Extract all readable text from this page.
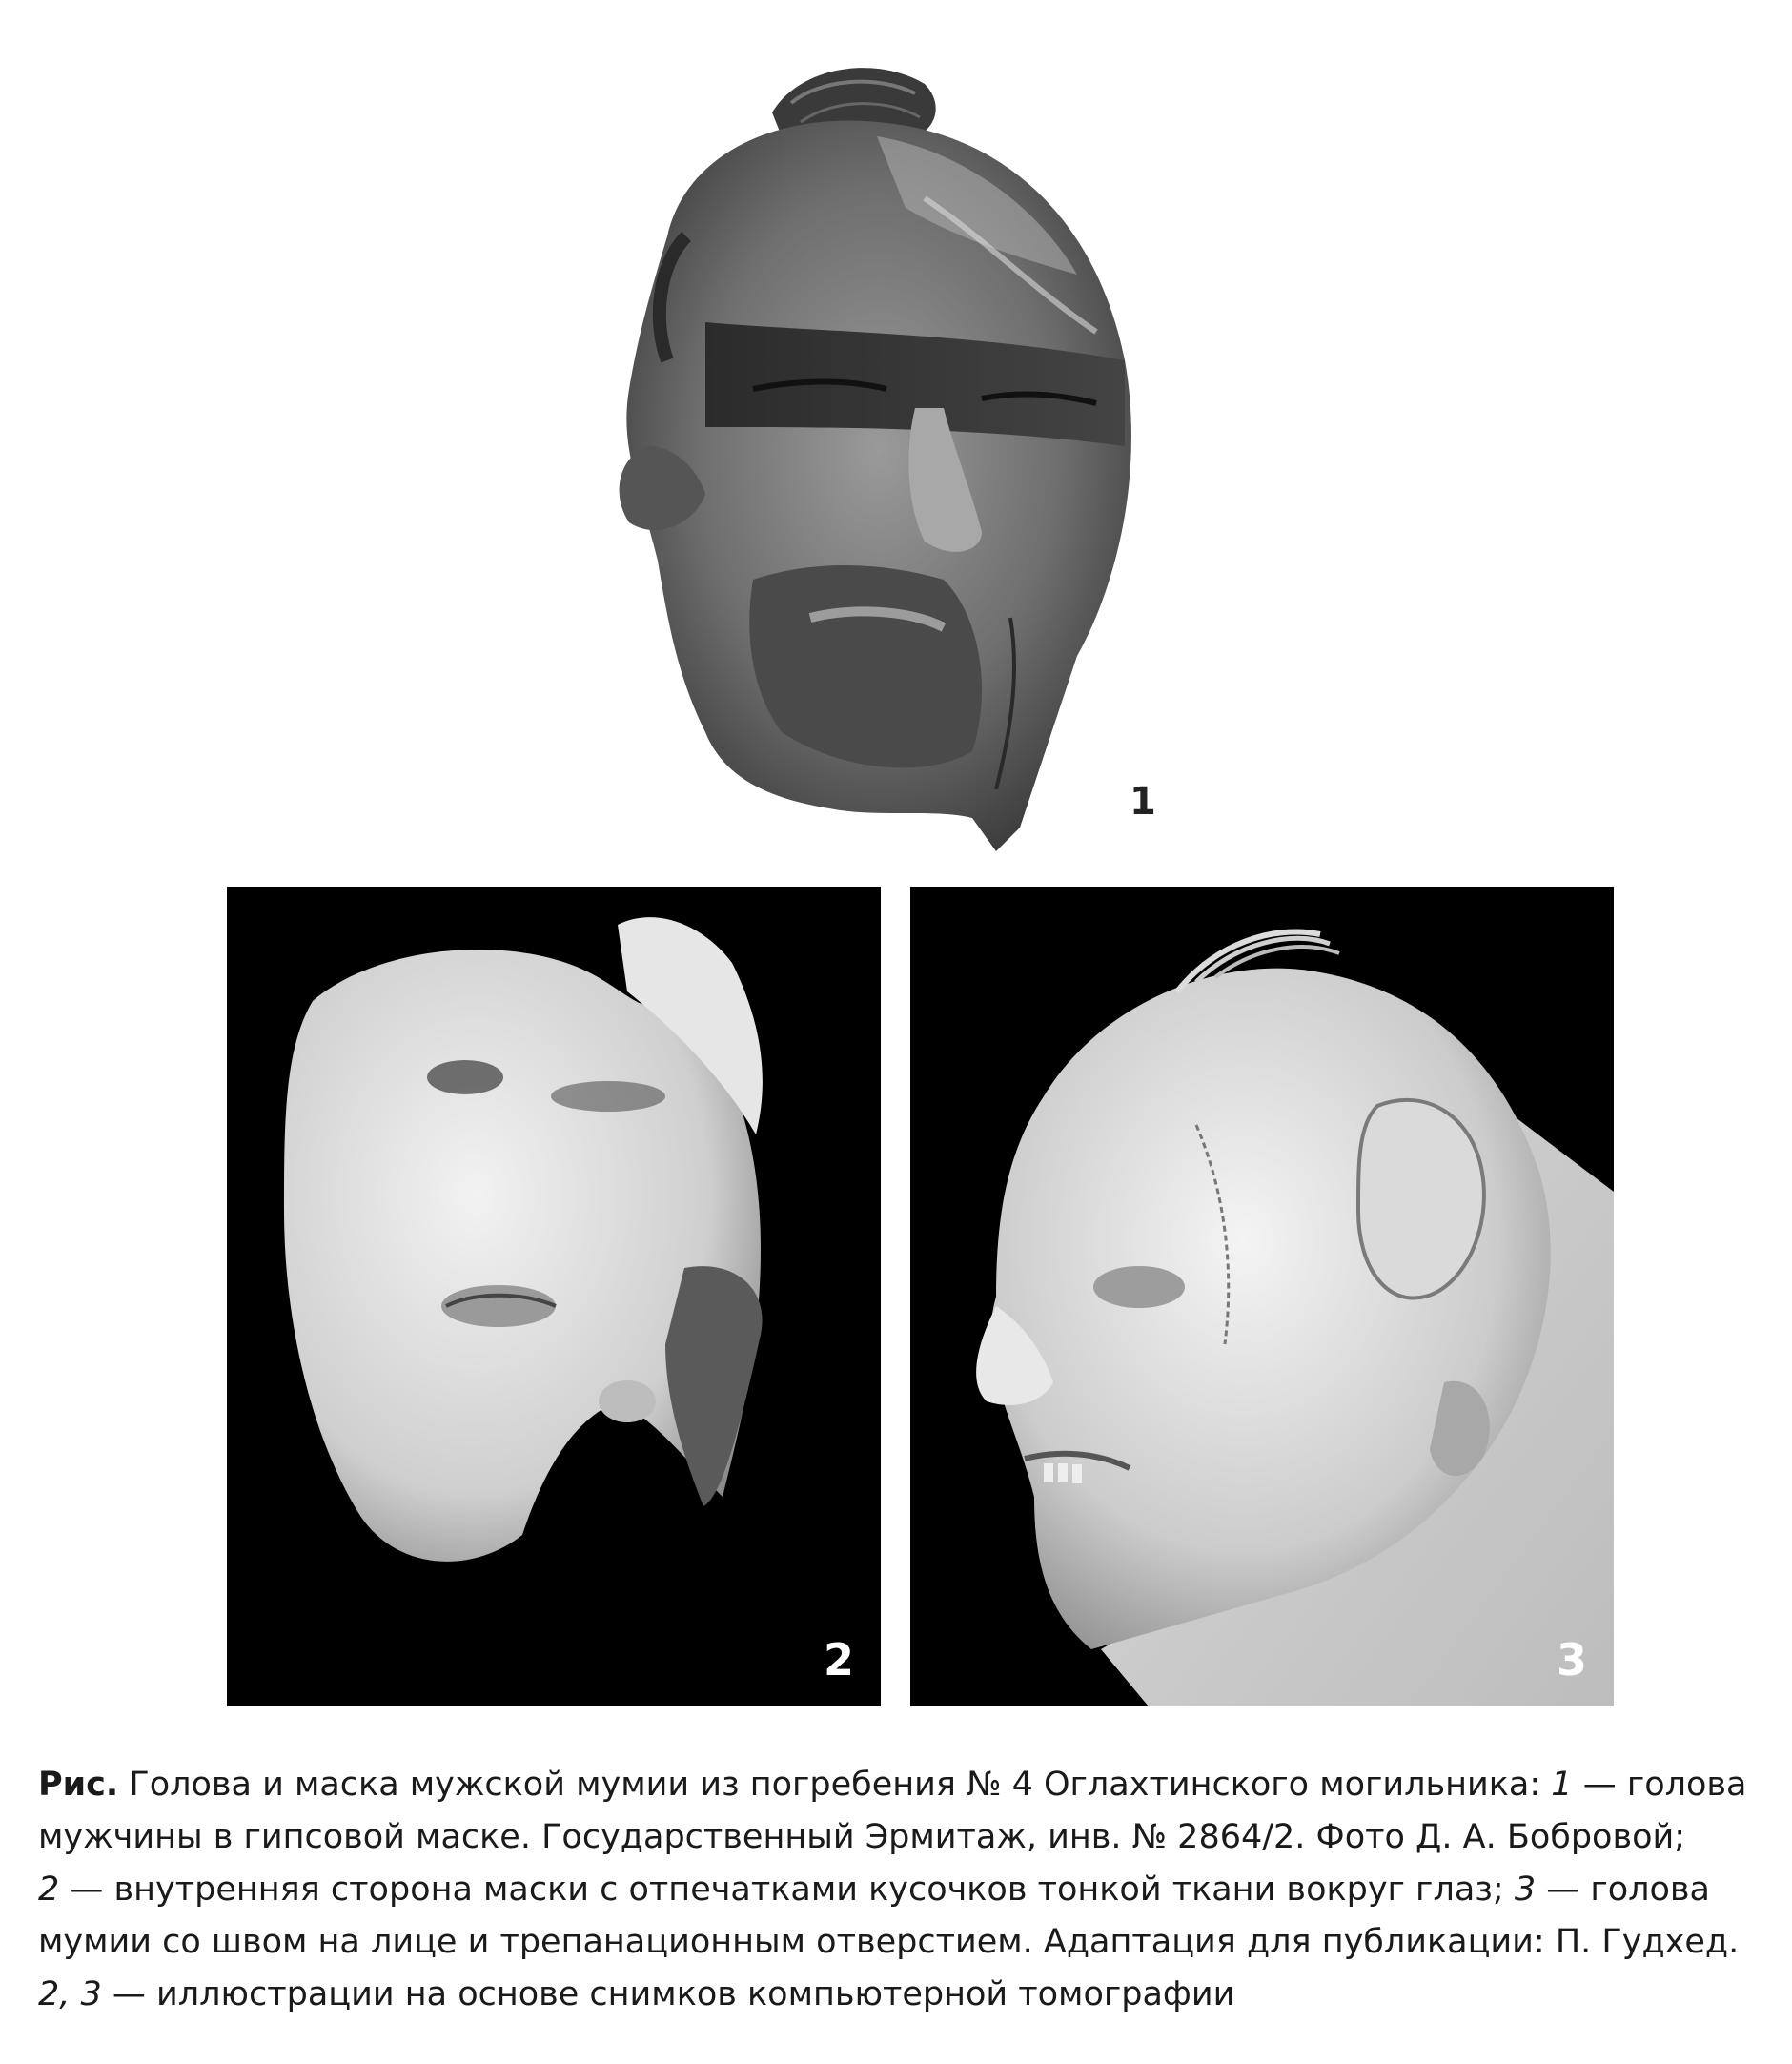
1
2	3

Рис. Голова и маска мужской мумии из погребения № 4 Оглахтинского могильника: 1 — голова

мужчины в гипсовой маске. Государственный Эрмитаж, инв. № 2864/2. Фото Д. А. Бобровой;

2 — внутренняя сторона маски с отпечатками кусочков тонкой ткани вокруг глаз; 3 — голова

мумии со швом на лице и трепанационным отверстием. Адаптация для публикации: П. Гудхед.

2, 3 — иллюстрации на основе снимков компьютерной томографии
